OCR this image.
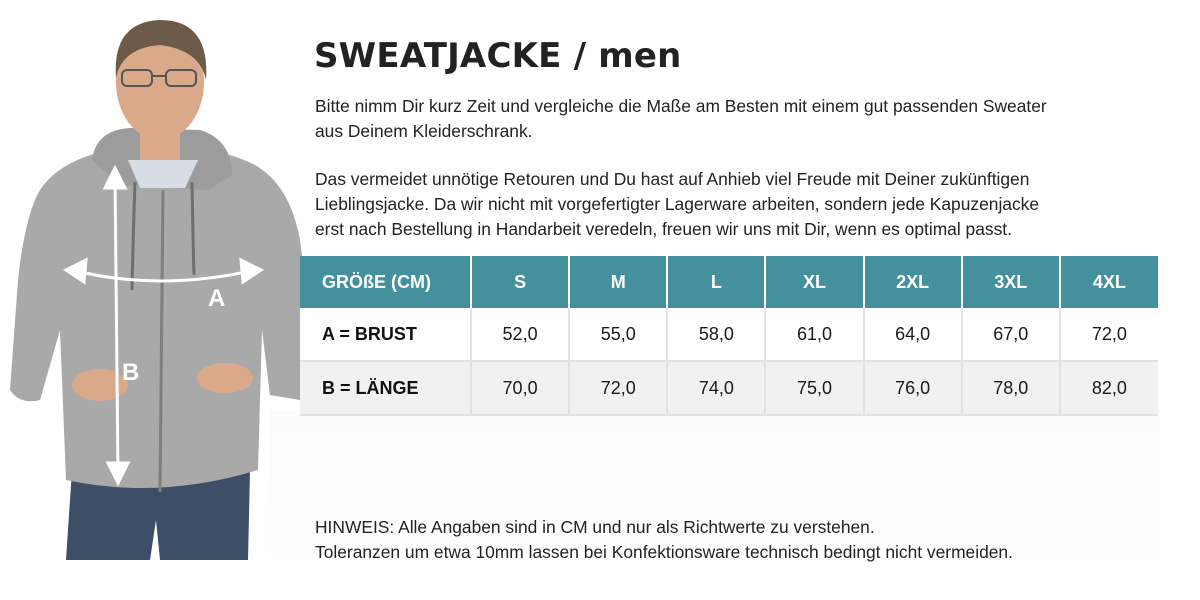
A
B
SWEATJACKE / men
Bitte nimm Dir kurz Zeit und vergleiche die Maße am Besten mit einem gut passenden Sweater
aus Deinem Kleiderschrank.
Das vermeidet unnötige Retouren und Du hast auf Anhieb viel Freude mit Deiner zukünftigen
Lieblingsjacke. Da wir nicht mit vorgefertigter Lagerware arbeiten, sondern jede Kapuzenjacke
erst nach Bestellung in Handarbeit veredeln, freuen wir uns mit Dir, wenn es optimal passt.
GRÖßE (CM)	S	M	L	XL	2XL	3XL	4XL
A = BRUST	52,0	55,0	58,0	61,0	64,0	67,0	72,0
B = LÄNGE	70,0	72,0	74,0	75,0	76,0	78,0	82,0
HINWEIS: Alle Angaben sind in CM und nur als Richtwerte zu verstehen.
Toleranzen um etwa 10mm lassen bei Konfektionsware technisch bedingt nicht vermeiden.
